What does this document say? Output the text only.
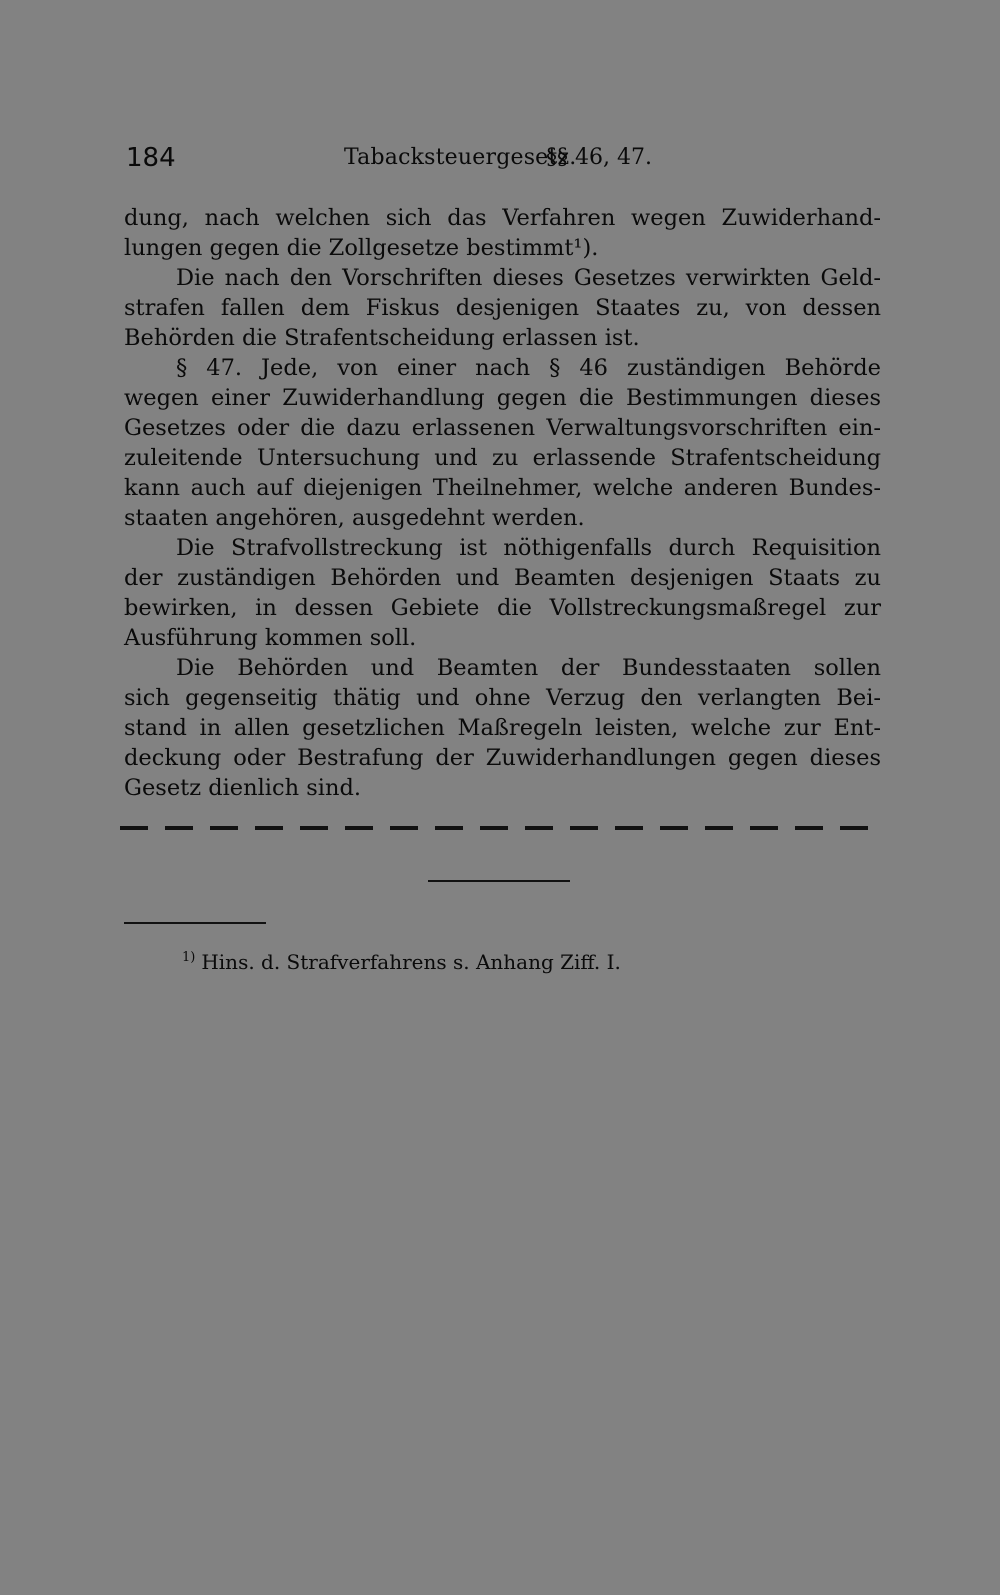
184	Tabacksteuergesetz.
§§ 46, 47.
dung, nach welchen sich das Verfahren wegen Zuwiderhand-
lungen gegen die Zollgesetze bestimmt¹).
Die nach den Vorschriften dieses Gesetzes verwirkten Geld-
strafen fallen dem Fiskus desjenigen Staates zu, von dessen
Behörden die Strafentscheidung erlassen ist.
§ 47. Jede, von einer nach § 46 zuständigen Behörde
wegen einer Zuwiderhandlung gegen die Bestimmungen dieses
Gesetzes oder die dazu erlassenen Verwaltungsvorschriften ein-
zuleitende Untersuchung und zu erlassende Strafentscheidung
kann auch auf diejenigen Theilnehmer, welche anderen Bundes-
staaten angehören, ausgedehnt werden.
Die Strafvollstreckung ist nöthigenfalls durch Requisition
der zuständigen Behörden und Beamten desjenigen Staats zu
bewirken, in dessen Gebiete die Vollstreckungsmaßregel zur
Ausführung kommen soll.
Die Behörden und Beamten der Bundesstaaten sollen
sich gegenseitig thätig und ohne Verzug den verlangten Bei-
stand in allen gesetzlichen Maßregeln leisten, welche zur Ent-
deckung oder Bestrafung der Zuwiderhandlungen gegen dieses
Gesetz dienlich sind.
$^{1)}$ Hins. d. Strafverfahrens s. Anhang Ziff. I.
